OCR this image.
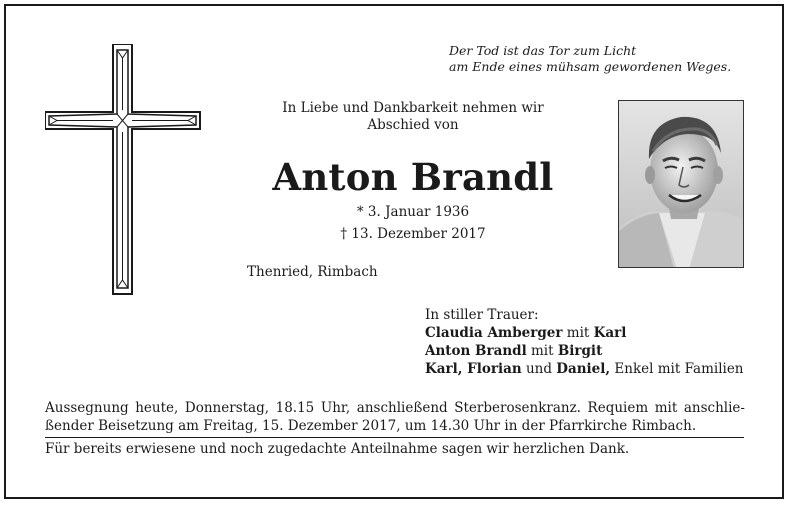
Der Tod ist das Tor zum Licht
am Ende eines mühsam gewordenen Weges.
In Liebe und Dankbarkeit nehmen wir
Abschied von
Anton Brandl
* 3. Januar 1936
† 13. Dezember 2017
Thenried, Rimbach
In stiller Trauer:
Claudia Amberger mit Karl
Anton Brandl mit Birgit
Karl, Florian und Daniel, Enkel mit Familien
Aussegnung heute, Donnerstag, 18.15 Uhr, anschließend Sterberosenkranz. Requiem mit anschlie-
ßender Beisetzung am Freitag, 15. Dezember 2017, um 14.30 Uhr in der Pfarrkirche Rimbach.
Für bereits erwiesene und noch zugedachte Anteilnahme sagen wir herzlichen Dank.
